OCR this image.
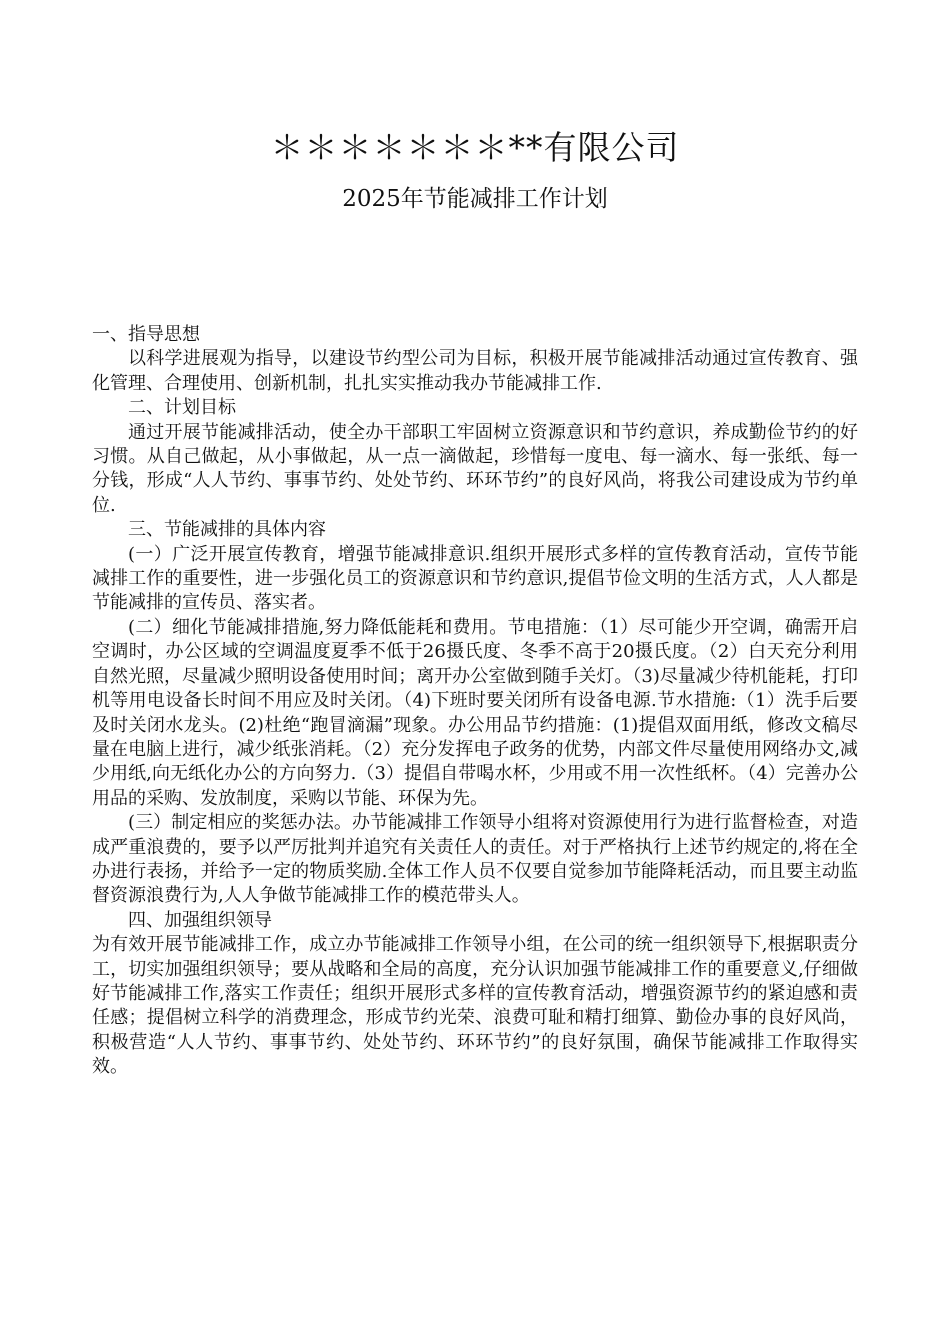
＊＊＊＊＊＊＊**有限公司
2025年节能减排工作计划

一、指导思想

以科学进展观为指导，以建设节约型公司为目标，积极开展节能减排活动通过宣传教育、强化管理、合理使用、创新机制，扎扎实实推动我办节能减排工作.

二、计划目标

通过开展节能减排活动，使全办干部职工牢固树立资源意识和节约意识，养成勤俭节约的好习惯。从自己做起，从小事做起，从一点一滴做起，珍惜每一度电、每一滴水、每一张纸、每一分钱，形成“人人节约、事事节约、处处节约、环环节约”的良好风尚，将我公司建设成为节约单位.

三、节能减排的具体内容

(一）广泛开展宣传教育，增强节能减排意识.组织开展形式多样的宣传教育活动，宣传节能减排工作的重要性，进一步强化员工的资源意识和节约意识,提倡节俭文明的生活方式，人人都是节能减排的宣传员、落实者。

(二）细化节能减排措施,努力降低能耗和费用。节电措施：（1）尽可能少开空调，确需开启空调时，办公区域的空调温度夏季不低于26摄氏度、冬季不高于20摄氏度。（2）白天充分利用自然光照，尽量减少照明设备使用时间；离开办公室做到随手关灯。（3)尽量减少待机能耗，打印机等用电设备长时间不用应及时关闭。（4)下班时要关闭所有设备电源.节水措施:（1）洗手后要及时关闭水龙头。(2)杜绝“跑冒滴漏”现象。办公用品节约措施：(1)提倡双面用纸，修改文稿尽量在电脑上进行，减少纸张消耗。（2）充分发挥电子政务的优势，内部文件尽量使用网络办文,减少用纸,向无纸化办公的方向努力.（3）提倡自带喝水杯，少用或不用一次性纸杯。（4）完善办公用品的采购、发放制度，采购以节能、环保为先。

(三）制定相应的奖惩办法。办节能减排工作领导小组将对资源使用行为进行监督检查，对造成严重浪费的，要予以严厉批判并追究有关责任人的责任。对于严格执行上述节约规定的,将在全办进行表扬，并给予一定的物质奖励.全体工作人员不仅要自觉参加节能降耗活动，而且要主动监督资源浪费行为,人人争做节能减排工作的模范带头人。

四、加强组织领导

为有效开展节能减排工作，成立办节能减排工作领导小组，在公司的统一组织领导下,根据职责分工，切实加强组织领导；要从战略和全局的高度，充分认识加强节能减排工作的重要意义,仔细做好节能减排工作,落实工作责任；组织开展形式多样的宣传教育活动，增强资源节约的紧迫感和责任感；提倡树立科学的消费理念，形成节约光荣、浪费可耻和精打细算、勤俭办事的良好风尚，积极营造“人人节约、事事节约、处处节约、环环节约”的良好氛围，确保节能减排工作取得实效。
